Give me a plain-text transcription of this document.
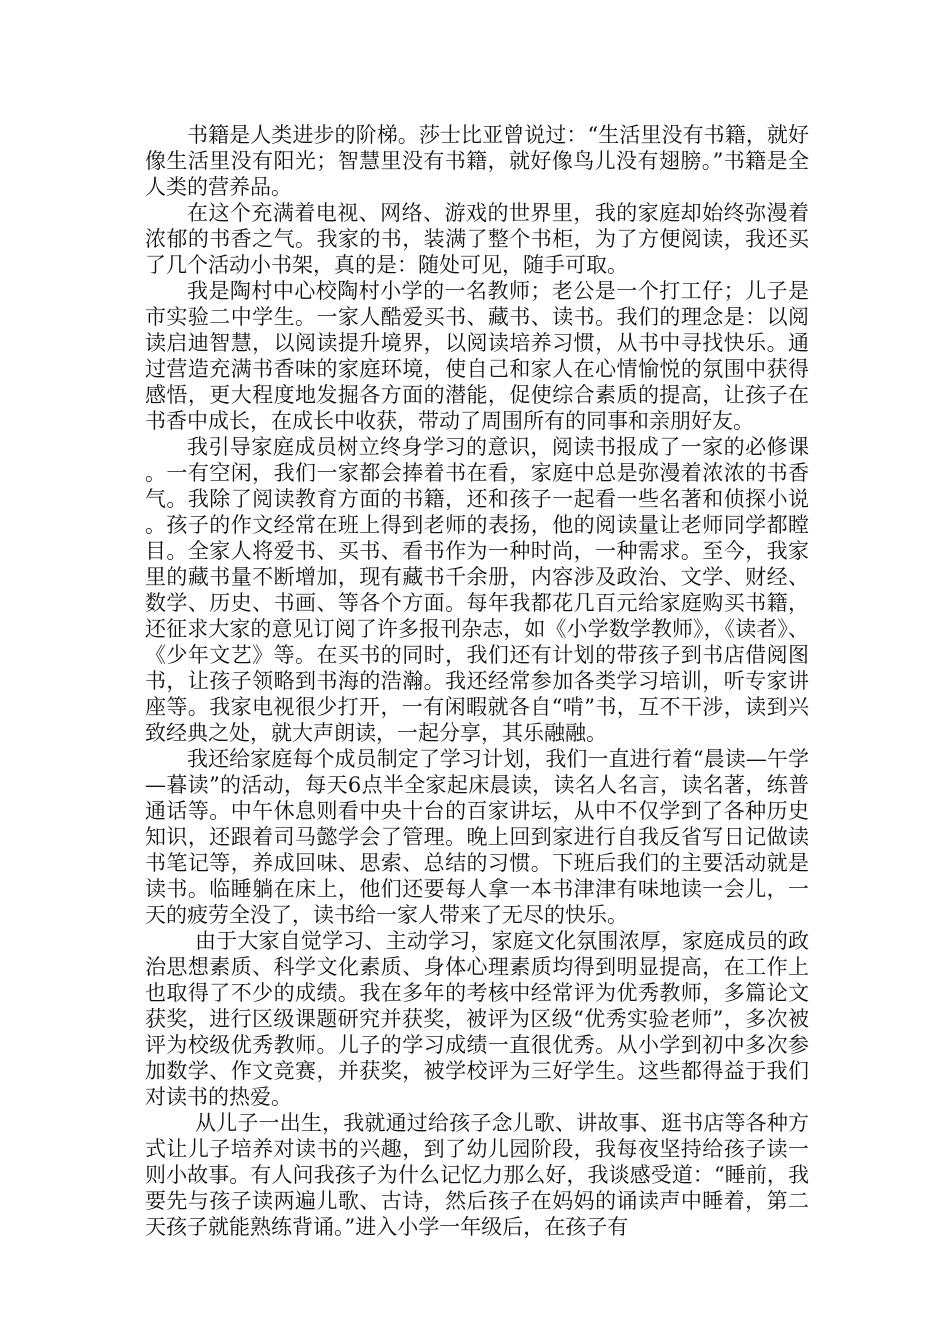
书籍是人类进步的阶梯。莎士比亚曾说过：“生活里没有书籍，就好像生活里没有阳光；智慧里没有书籍，就好像鸟儿没有翅膀。”书籍是全人类的营养品。

在这个充满着电视、网络、游戏的世界里，我的家庭却始终弥漫着浓郁的书香之气。我家的书，装满了整个书柜，为了方便阅读，我还买了几个活动小书架，真的是：随处可见，随手可取。

我是陶村中心校陶村小学的一名教师；老公是一个打工仔；儿子是市实验二中学生。一家人酷爱买书、藏书、读书。我们的理念是：以阅读启迪智慧，以阅读提升境界，以阅读培养习惯，从书中寻找快乐。通过营造充满书香味的家庭环境，使自己和家人在心情愉悦的氛围中获得感悟，更大程度地发掘各方面的潜能，促使综合素质的提高，让孩子在书香中成长，在成长中收获，带动了周围所有的同事和亲朋好友。

我引导家庭成员树立终身学习的意识，阅读书报成了一家的必修课。一有空闲，我们一家都会捧着书在看，家庭中总是弥漫着浓浓的书香气。我除了阅读教育方面的书籍，还和孩子一起看一些名著和侦探小说。孩子的作文经常在班上得到老师的表扬，他的阅读量让老师同学都瞠目。全家人将爱书、买书、看书作为一种时尚，一种需求。至今，我家里的藏书量不断增加，现有藏书千余册，内容涉及政治、文学、财经、数学、历史、书画、等各个方面。每年我都花几百元给家庭购买书籍，还征求大家的意见订阅了许多报刊杂志，如《小学数学教师》，《读者》、《少年文艺》等。在买书的同时，我们还有计划的带孩子到书店借阅图书，让孩子领略到书海的浩瀚。我还经常参加各类学习培训，听专家讲座等。我家电视很少打开，一有闲暇就各自“啃”书，互不干涉，读到兴致经典之处，就大声朗读，一起分享，其乐融融。

我还给家庭每个成员制定了学习计划，我们一直进行着“晨读—午学—暮读”的活动，每天6点半全家起床晨读，读名人名言，读名著，练普通话等。中午休息则看中央十台的百家讲坛，从中不仅学到了各种历史知识，还跟着司马懿学会了管理。晚上回到家进行自我反省写日记做读书笔记等，养成回味、思索、总结的习惯。下班后我们的主要活动就是读书。临睡躺在床上，他们还要每人拿一本书津津有味地读一会儿，一天的疲劳全没了，读书给一家人带来了无尽的快乐。

由于大家自觉学习、主动学习，家庭文化氛围浓厚，家庭成员的政治思想素质、科学文化素质、身体心理素质均得到明显提高，在工作上也取得了不少的成绩。我在多年的考核中经常评为优秀教师，多篇论文获奖，进行区级课题研究并获奖，被评为区级“优秀实验老师”，多次被评为校级优秀教师。儿子的学习成绩一直很优秀。从小学到初中多次参加数学、作文竞赛，并获奖，被学校评为三好学生。这些都得益于我们对读书的热爱。

从儿子一出生，我就通过给孩子念儿歌、讲故事、逛书店等各种方式让儿子培养对读书的兴趣，到了幼儿园阶段，我每夜坚持给孩子读一则小故事。有人问我孩子为什么记忆力那么好，我谈感受道：“睡前，我要先与孩子读两遍儿歌、古诗，然后孩子在妈妈的诵读声中睡着，第二天孩子就能熟练背诵。”进入小学一年级后，在孩子有
